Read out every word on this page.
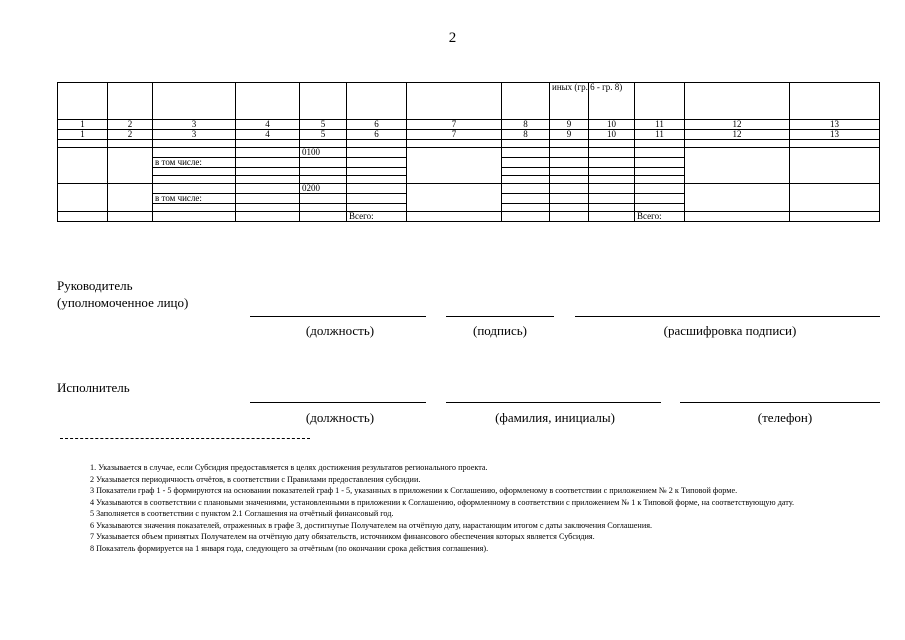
2
								иных (гр. 6 - гр. 8)				
1	2	3	4	5	6	7	8	9	10	11	12	13
1	2	3	4	5	6	7	8	9	10	11	12	13

				0100								
		в том числе:										

				0200								
		в том числе:										

					Всего:					Всего:		
Руководитель
(уполномоченное лицо)
(должность)	(подпись)	(расшифровка подписи)
Исполнитель
(должность)	(фамилия, инициалы)	(телефон)

1. Указывается в случае, если Субсидия предоставляется в целях достижения результатов регионального проекта.

2 Указывается периодичность отчётов, в соответствии с Правилами предоставления субсидии.

3 Показатели граф 1 - 5 формируются на основании показателей граф 1 - 5, указанных в приложении к Соглашению, оформленому в соответствии с приложением № 2 к Типовой форме.

4 Указываются в соответствии с плановыми значениями, установленными в приложении к Соглашению, оформленному в соответствии с приложением № 1 к Типовой форме, на соответствующую дату.

5 Заполняется в соответствии с пунктом 2.1 Соглашения на отчётный финансовый год.

6 Указываются значения показателей, отраженных в графе 3, достигнутые Получателем на отчётную дату, нарастающим итогом с даты заключения Соглашения.

7 Указывается объем принятых Получателем на отчётную дату обязательств, источником финансового обеспечения которых является Субсидия.

8 Показатель формируется на 1 января года, следующего за отчётным (по окончании срока действия соглашения).
